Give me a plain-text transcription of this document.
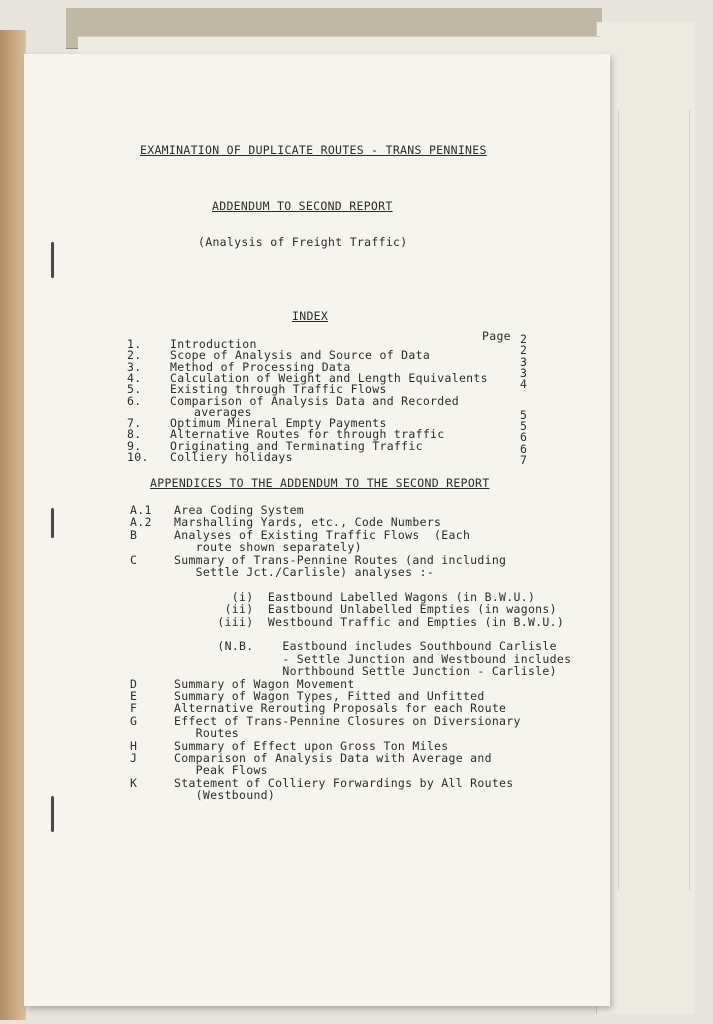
EXAMINATION OF DUPLICATE ROUTES - TRANS PENNINES
ADDENDUM TO SECOND REPORT
(Analysis of Freight Traffic)
INDEX
Page
1. Introduction	2
2. Scope of Analysis and Source of Data	2
3. Method of Processing Data	3
4. Calculation of Weight and Length Equivalents	3
5. Existing through Traffic Flows	4
6. Comparison of Analysis Data and Recorded
averages	5
7. Optimum Mineral Empty Payments	5
8. Alternative Routes for through traffic	6
9. Originating and Terminating Traffic	6
10. Colliery holidays	7
APPENDICES TO THE ADDENDUM TO THE SECOND REPORT
A.1 Area Coding System
A.2 Marshalling Yards, etc., Code Numbers
B	Analyses of Existing Traffic Flows  (Each
route shown separately)
C	Summary of Trans-Pennine Routes (and including
Settle Jct./Carlisle) analyses :-
(i)  Eastbound Labelled Wagons (in B.W.U.)
(ii)  Eastbound Unlabelled Empties (in wagons)
(iii)  Westbound Traffic and Empties (in B.W.U.)
(N.B.    Eastbound includes Southbound Carlisle
- Settle Junction and Westbound includes
Northbound Settle Junction - Carlisle)
D	Summary of Wagon Movement
E	Summary of Wagon Types, Fitted and Unfitted
F	Alternative Rerouting Proposals for each Route
G	Effect of Trans-Pennine Closures on Diversionary
Routes
H	Summary of Effect upon Gross Ton Miles
J	Comparison of Analysis Data with Average and
Peak Flows
K	Statement of Colliery Forwardings by All Routes
(Westbound)
